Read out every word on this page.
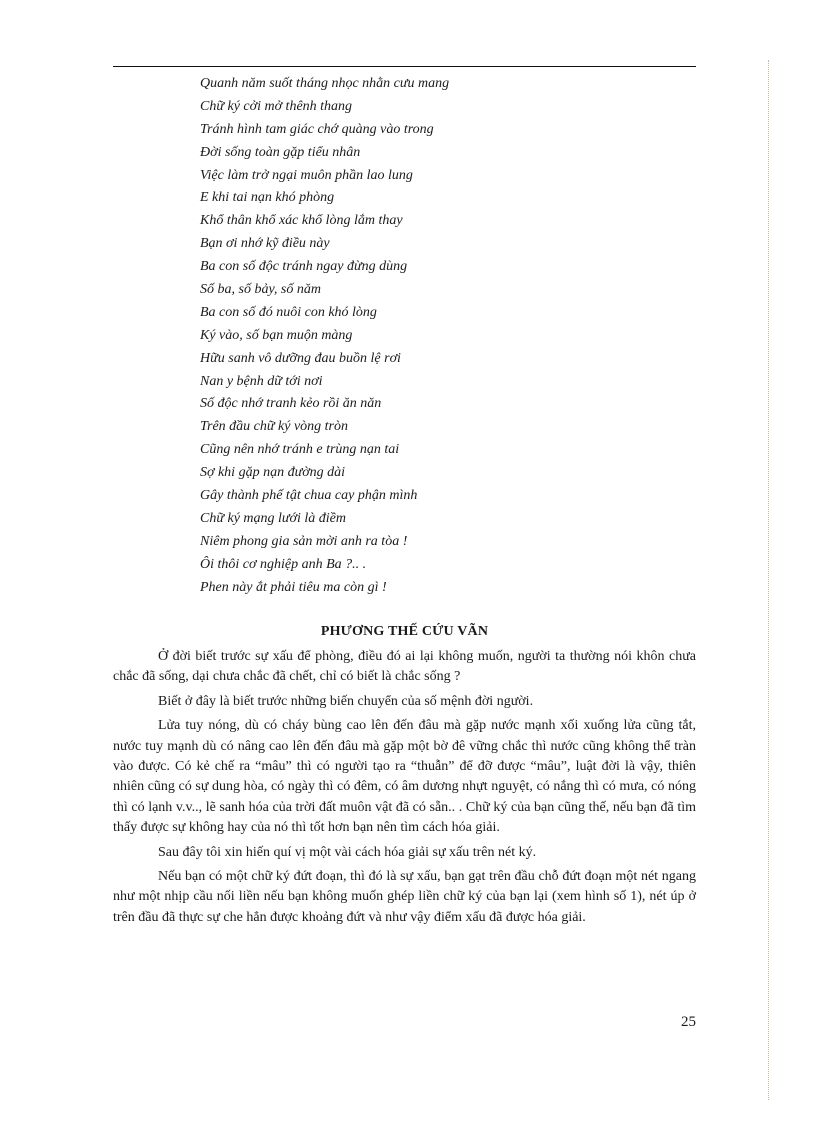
Quanh năm suốt tháng nhọc nhằn cưu mang
Chữ ký cởi mở thênh thang
Tránh hình tam giác chớ quàng vào trong
Đời sống toàn gặp tiểu nhân
Việc làm trở ngại muôn phần lao lung
E khi tai nạn khó phòng
Khổ thân khổ xác khổ lòng lắm thay
Bạn ơi nhớ kỹ điều này
Ba con số độc tránh ngay đừng dùng
Số ba, số bảy, số năm
Ba con số đó nuôi con khó lòng
Ký vào, số bạn muộn màng
Hữu sanh vô dưỡng đau buồn lệ rơi
Nan y bệnh dữ tới nơi
Số độc nhớ tranh kẻo rồi ăn năn
Trên đầu chữ ký vòng tròn
Cũng nên nhớ tránh e trùng nạn tai
Sợ khi gặp nạn đường dài
Gây thành phế tật chua cay phận mình
Chữ ký mạng lưới là điềm
Niêm phong gia sản mời anh ra tòa !
Ôi thôi cơ nghiệp anh Ba ?.. .
Phen này ắt phải tiêu ma còn gì !
PHƯƠNG THẾ CỨU VÃN

Ở đời biết trước sự xấu để phòng, điều đó ai lại không muốn, người ta thường nói khôn chưa chắc đã sống, dại chưa chắc đã chết, chỉ có biết là chắc sống ?

Biết ở đây là biết trước những biến chuyển của số mệnh đời người.

Lửa tuy nóng, dù có cháy bùng cao lên đến đâu mà gặp nước mạnh xối xuống lửa cũng tắt, nước tuy mạnh dù có nâng cao lên đến đâu mà gặp một bờ đê vững chắc thì nước cũng không thể tràn vào được. Có kẻ chế ra “mâu” thì có người tạo ra “thuẫn” để đỡ được “mâu”, luật đời là vậy, thiên nhiên cũng có sự dung hòa, có ngày thì có đêm, có âm dương nhựt nguyệt, có nắng thì có mưa, có nóng thì có lạnh v.v.., lẽ sanh hóa của trời đất muôn vật đã có sẵn.. . Chữ ký của bạn cũng thế, nếu bạn đã tìm thấy được sự không hay của nó thì tốt hơn bạn nên tìm cách hóa giải.

Sau đây tôi xin hiến quí vị một vài cách hóa giải sự xấu trên nét ký.

Nếu bạn có một chữ ký đứt đoạn, thì đó là sự xấu, bạn gạt trên đầu chỗ đứt đoạn một nét ngang như một nhịp cầu nối liền nếu bạn không muốn ghép liền chữ ký của bạn lại (xem hình số 1), nét úp ở trên đầu đã thực sự che hẳn được khoảng đứt và như vậy điểm xấu đã được hóa giải.

25
